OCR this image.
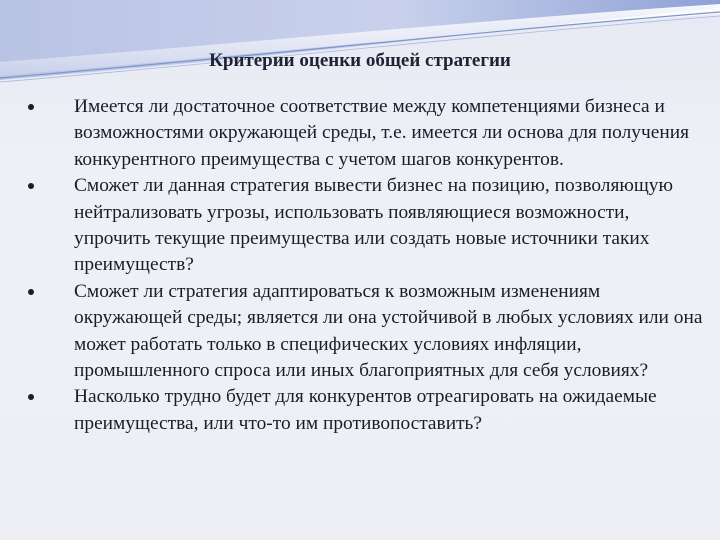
Критерии оценки общей стратегии
Имеется ли достаточное соответствие между компетенциями бизнеса и возможностями окружающей среды, т.е. имеется ли основа для получения конкурентного преимущества с учетом шагов конкурентов.
Сможет ли данная стратегия вывести бизнес на позицию, позволяющую нейтрализовать угрозы, использовать появляющиеся возможности, упрочить текущие преимущества или создать новые источники таких преимуществ?
Сможет ли стратегия адаптироваться к возможным изменениям окружающей среды; является ли она устойчивой в любых условиях или она может работать только в специфических условиях инфляции, промышленного спроса или иных благоприятных для себя условиях?
Насколько трудно будет для конкурентов отреагировать на ожидаемые преимущества, или что-то им противопоставить?
